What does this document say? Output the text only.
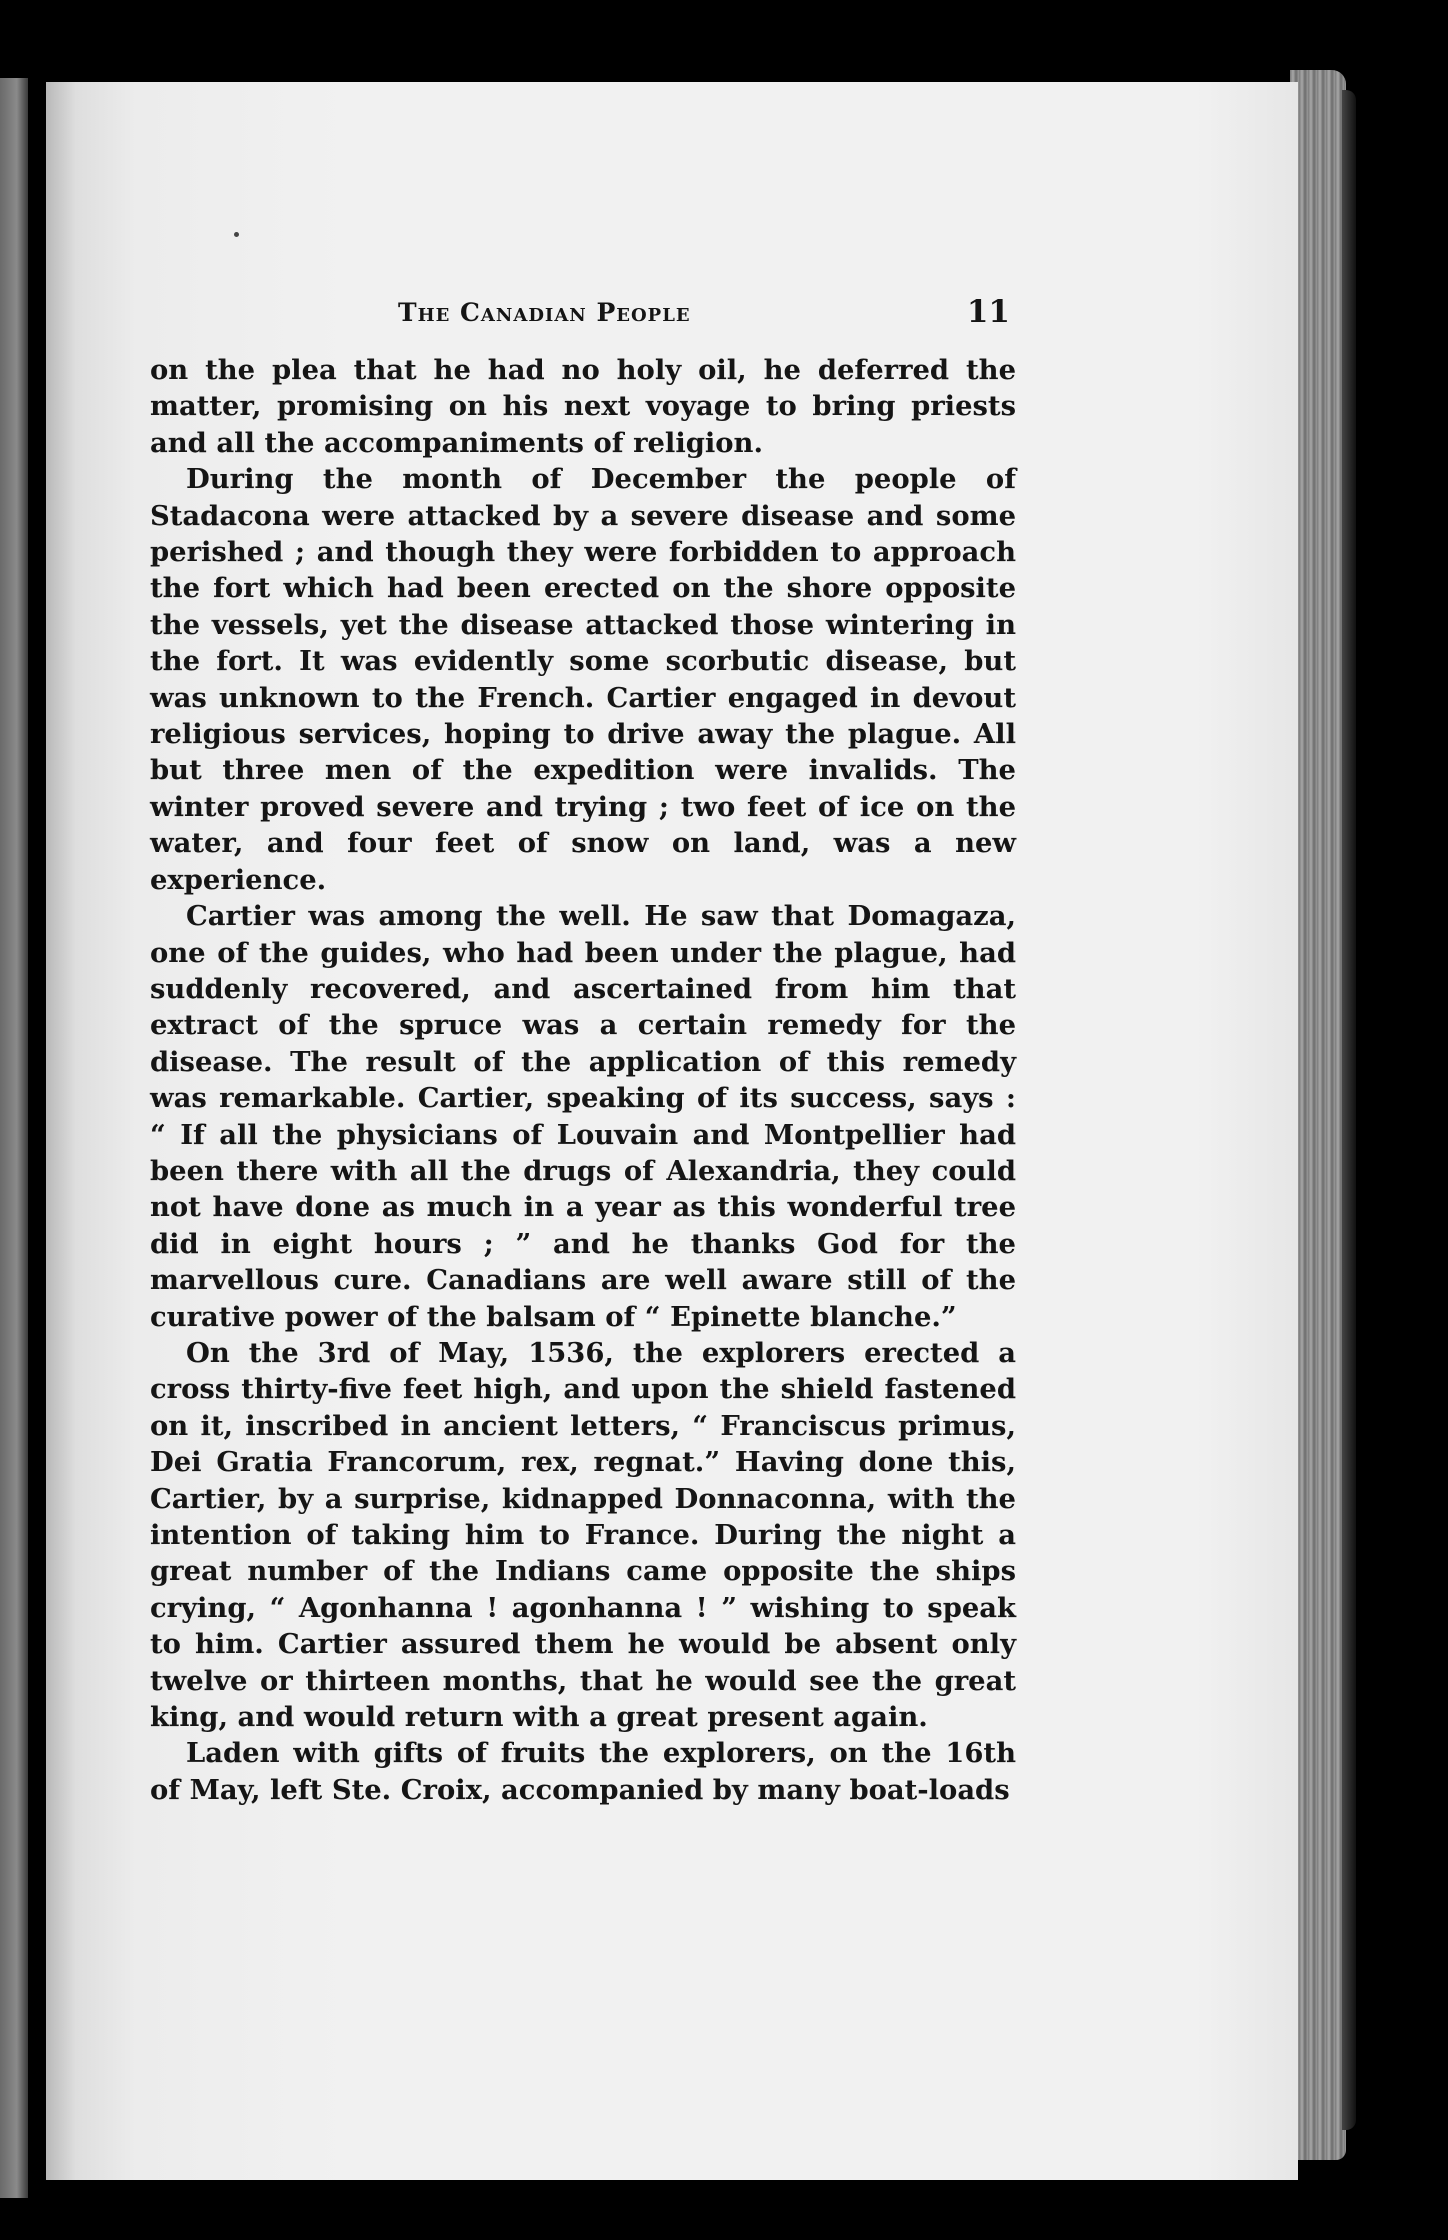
The Canadian People	11

on the plea that he had no holy oil, he deferred the matter, promising on his next voyage to bring priests and all the accompaniments of religion.

During the month of December the people of Stadacona were attacked by a severe disease and some perished ; and though they were forbidden to approach the fort which had been erected on the shore opposite the vessels, yet the disease attacked those wintering in the fort. It was evidently some scorbutic disease, but was unknown to the French. Cartier engaged in devout religious services, hoping to drive away the plague. All but three men of the expedition were invalids. The winter proved severe and trying ; two feet of ice on the water, and four feet of snow on land, was a new experience.

Cartier was among the well. He saw that Domagaza, one of the guides, who had been under the plague, had suddenly recovered, and ascertained from him that extract of the spruce was a certain remedy for the disease. The result of the application of this remedy was remarkable. Cartier, speaking of its success, says : “ If all the physicians of Louvain and Montpellier had been there with all the drugs of Alexandria, they could not have done as much in a year as this wonderful tree did in eight hours ; ” and he thanks God for the marvellous cure. Canadians are well aware still of the curative power of the balsam of “ Epinette blanche.”

On the 3rd of May, 1536, the explorers erected a cross thirty-five feet high, and upon the shield fastened on it, inscribed in ancient letters, “ Franciscus primus, Dei Gratia Francorum, rex, regnat.” Having done this, Cartier, by a surprise, kidnapped Donnaconna, with the intention of taking him to France. During the night a great number of the Indians came opposite the ships crying, “ Agonhanna ! agonhanna ! ” wishing to speak to him. Cartier assured them he would be absent only twelve or thirteen months, that he would see the great king, and would return with a great present again.

Laden with gifts of fruits the explorers, on the 16th of May, left Ste. Croix, accompanied by many boat-loads
